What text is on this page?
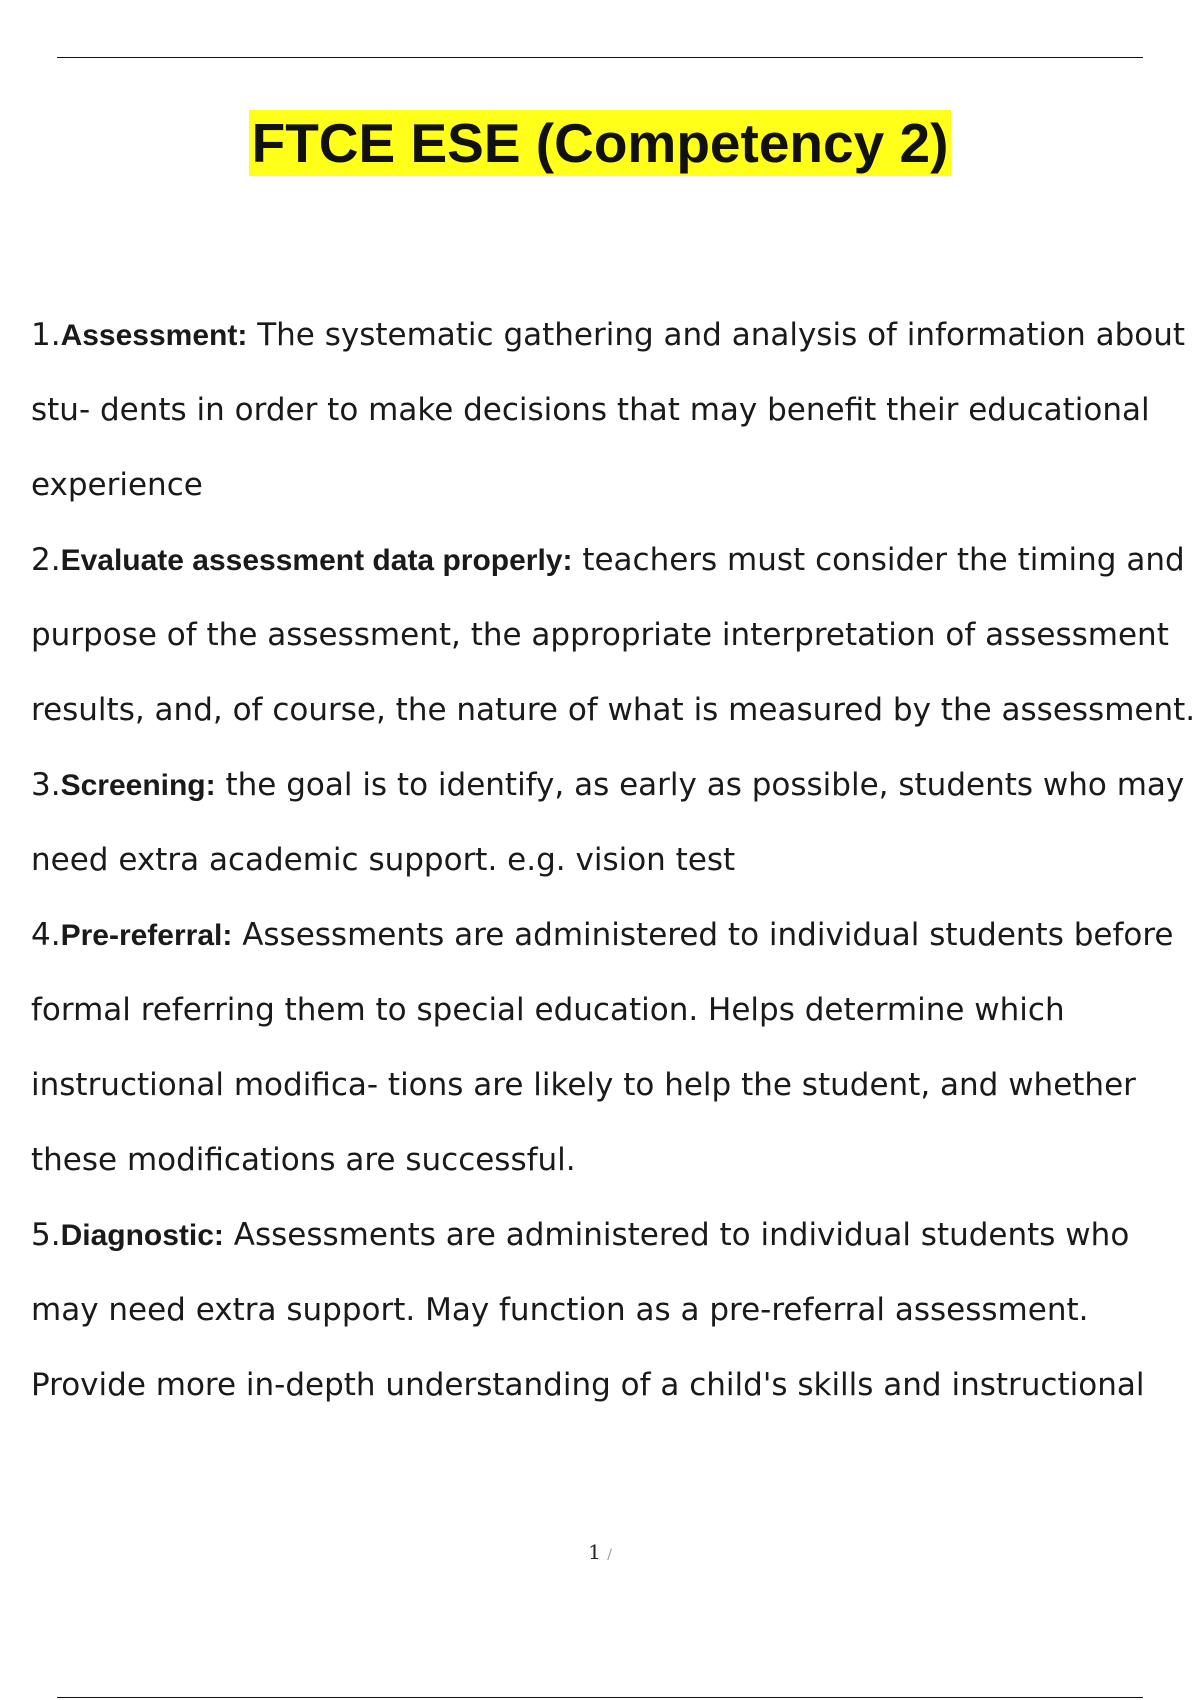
FTCE ESE (Competency 2)

1.Assessment: The systematic gathering and analysis of information about stu- dents in order to make decisions that may benefit their educational experience

2.Evaluate assessment data properly: teachers must consider the timing and purpose of the assessment, the appropriate interpretation of assessment results, and, of course, the nature of what is measured by the assessment.

3.Screening: the goal is to identify, as early as possible, students who may need extra academic support. e.g. vision test

4.Pre-referral: Assessments are administered to individual students before formal referring them to special education. Helps determine which instructional modifica- tions are likely to help the student, and whether these modifications are successful.

5.Diagnostic: Assessments are administered to individual students who may need extra support. May function as a pre-referral assessment. Provide more in-depth understanding of a child's skills and instructional

1 /
